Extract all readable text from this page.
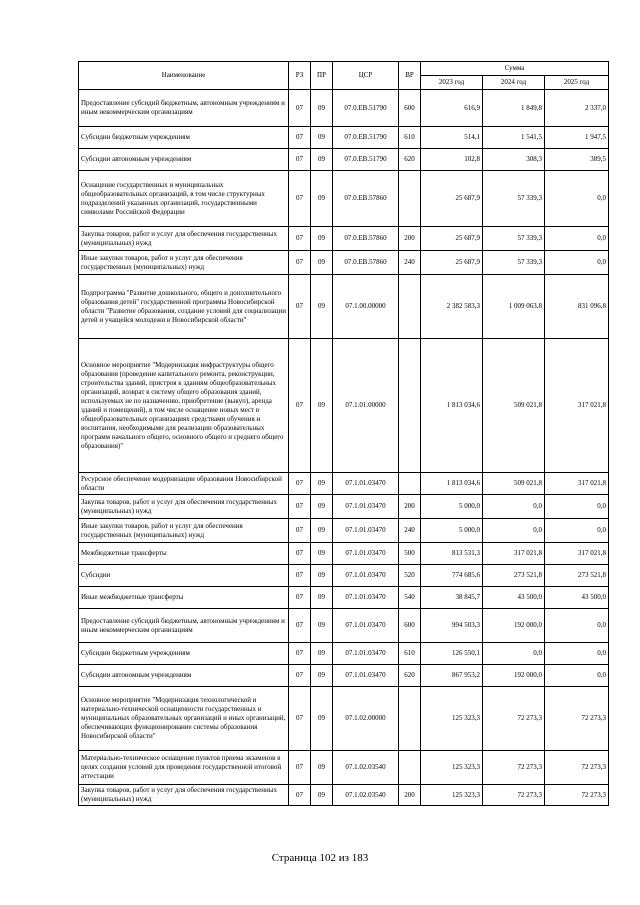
Наименование	РЗ	ПР	ЦСР	ВР	Сумма		
					2023 год	2024 год	2025 год
Предоставление субсидий бюджетным, автономным учреждениям и иным некоммерческим организациям	07	09	07.0.EB.51790	600	616,9	1 849,8	2 337,0
Субсидии бюджетным учреждениям	07	09	07.0.EB.51790	610	514,1	1 541,5	1 947,5
Субсидии автономным учреждениям	07	09	07.0.EB.51790	620	102,8	308,3	389,5
Оснащение государственных и муниципальных общеобразовательных организаций, в том числе структурных подразделений указанных организаций, государственными символами Российской Федерации	07	09	07.0.EB.57860		25 687,9	57 339,3	0,0
Закупка товаров, работ и услуг для обеспечения государственных (муниципальных) нужд	07	09	07.0.EB.57860	200	25 687,9	57 339,3	0,0
Иные закупки товаров, работ и услуг для обеспечения государственных (муниципальных) нужд	07	09	07.0.EB.57860	240	25 687,9	57 339,3	0,0
Подпрограмма "Развитие дошкольного, общего и дополнительного образования детей" государственной программы Новосибирской области "Развитие образования, создание условий для социализации детей и учащейся молодежи в Новосибирской области"	07	09	07.1.00.00000		2 382 583,3	1 009 063,8	831 096,8
Основное мероприятие "Модернизация инфраструктуры общего образования (проведение капитального ремонта, реконструкции, строительства зданий, пристроя к зданиям общеобразовательных организаций, возврат в систему общего образования зданий, используемых не по назначению, приобретение (выкуп), аренда зданий и помещений), в том числе оснащение новых мест в общеобразовательных организациях средствами обучения и воспитания, необходимыми для реализации образовательных программ начального общего, основного общего и среднего общего образования)"	07	09	07.1.01.00000		1 813 034,6	509 021,8	317 021,8
Ресурсное обеспечение модернизации образования Новосибирской области	07	09	07.1.01.03470		1 813 034,6	509 021,8	317 021,8
Закупка товаров, работ и услуг для обеспечения государственных (муниципальных) нужд	07	09	07.1.01.03470	200	5 000,0	0,0	0,0
Иные закупки товаров, работ и услуг для обеспечения государственных (муниципальных) нужд	07	09	07.1.01.03470	240	5 000,0	0,0	0,0
Межбюджетные трансферты	07	09	07.1.01.03470	500	813 531,3	317 021,8	317 021,8
Субсидии	07	09	07.1.01.03470	520	774 685,6	273 521,8	273 521,8
Иные межбюджетные трансферты	07	09	07.1.01.03470	540	38 845,7	43 500,0	43 500,0
Предоставление субсидий бюджетным, автономным учреждениям и иным некоммерческим организациям	07	09	07.1.01.03470	600	994 503,3	192 000,0	0,0
Субсидии бюджетным учреждениям	07	09	07.1.01.03470	610	126 550,1	0,0	0,0
Субсидии автономным учреждениям	07	09	07.1.01.03470	620	867 953,2	192 000,0	0,0
Основное мероприятие "Модернизация технологической и материально-технической оснащенности государственных и муниципальных образовательных организаций и иных организаций, обеспечивающих функционирование системы образования Новосибирской области"	07	09	07.1.02.00000		125 323,3	72 273,3	72 273,3
Материально-техническое оснащение пунктов приема экзаменов в целях создания условий для проведения государственной итоговой аттестации	07	09	07.1.02.03540		125 323,3	72 273,3	72 273,3
Закупка товаров, работ и услуг для обеспечения государственных (муниципальных) нужд	07	09	07.1.02.03540	200	125 323,3	72 273,3	72 273,3
Страница 102 из 183
